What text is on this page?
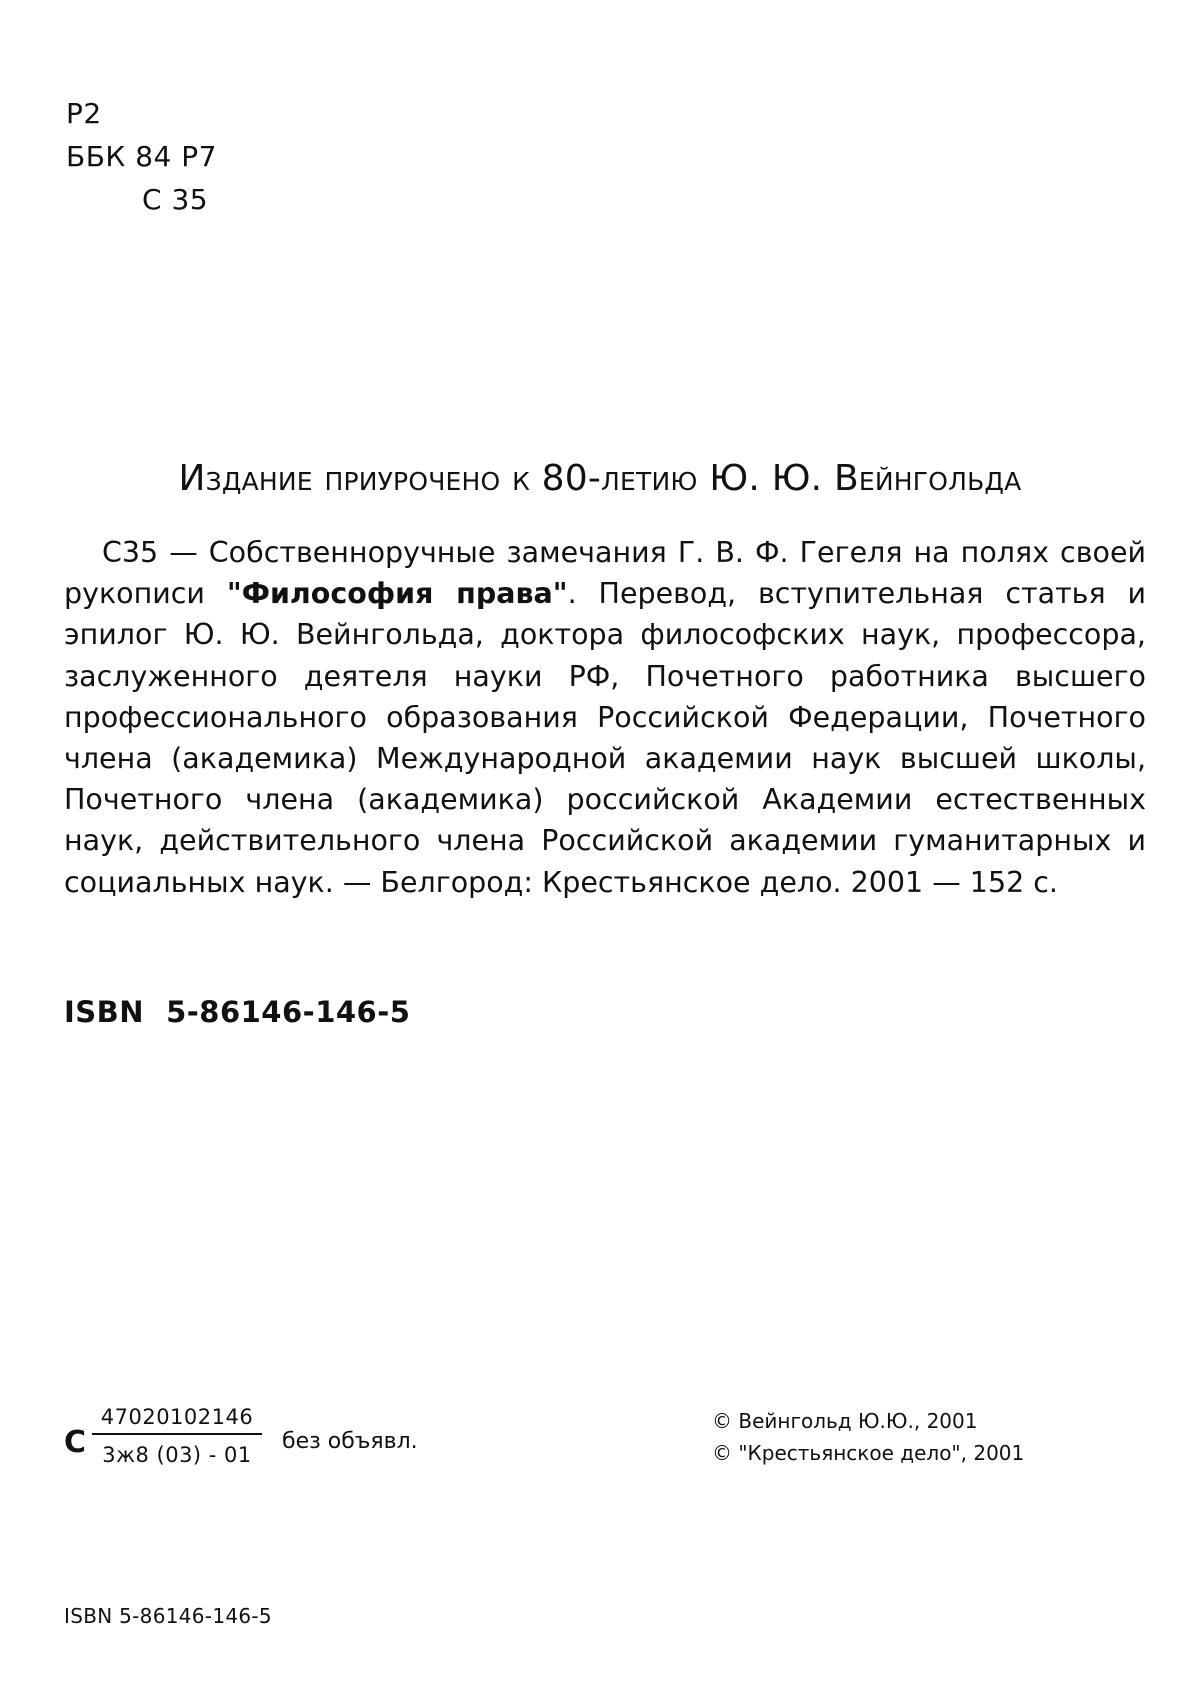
Р2
ББК 84 Р7
С 35
Издание приурочено к 80-летию Ю. Ю. Вейнгольда
С35 — Собственноручные замечания Г. В. Ф. Гегеля на полях своей рукописи "Философия права". Перевод, вступительная статья и эпилог Ю. Ю. Вейнгольда, доктора философских наук, профессора, заслуженного деятеля науки РФ, Почетного работника высшего профессионального образования Российской Федерации, Почетного члена (академика) Международной академии наук высшей школы, Почетного члена (академика) российской Академии естественных наук, действительного члена Российской академии гуманитарных и социальных наук. — Белгород: Крестьянское дело. 2001 — 152 с.
ISBN 5-86146-146-5
С
47020102146
3ж8 (03) - 01
без объявл.
© Вейнгольд Ю.Ю., 2001
© "Крестьянское дело", 2001
ISBN 5-86146-146-5
